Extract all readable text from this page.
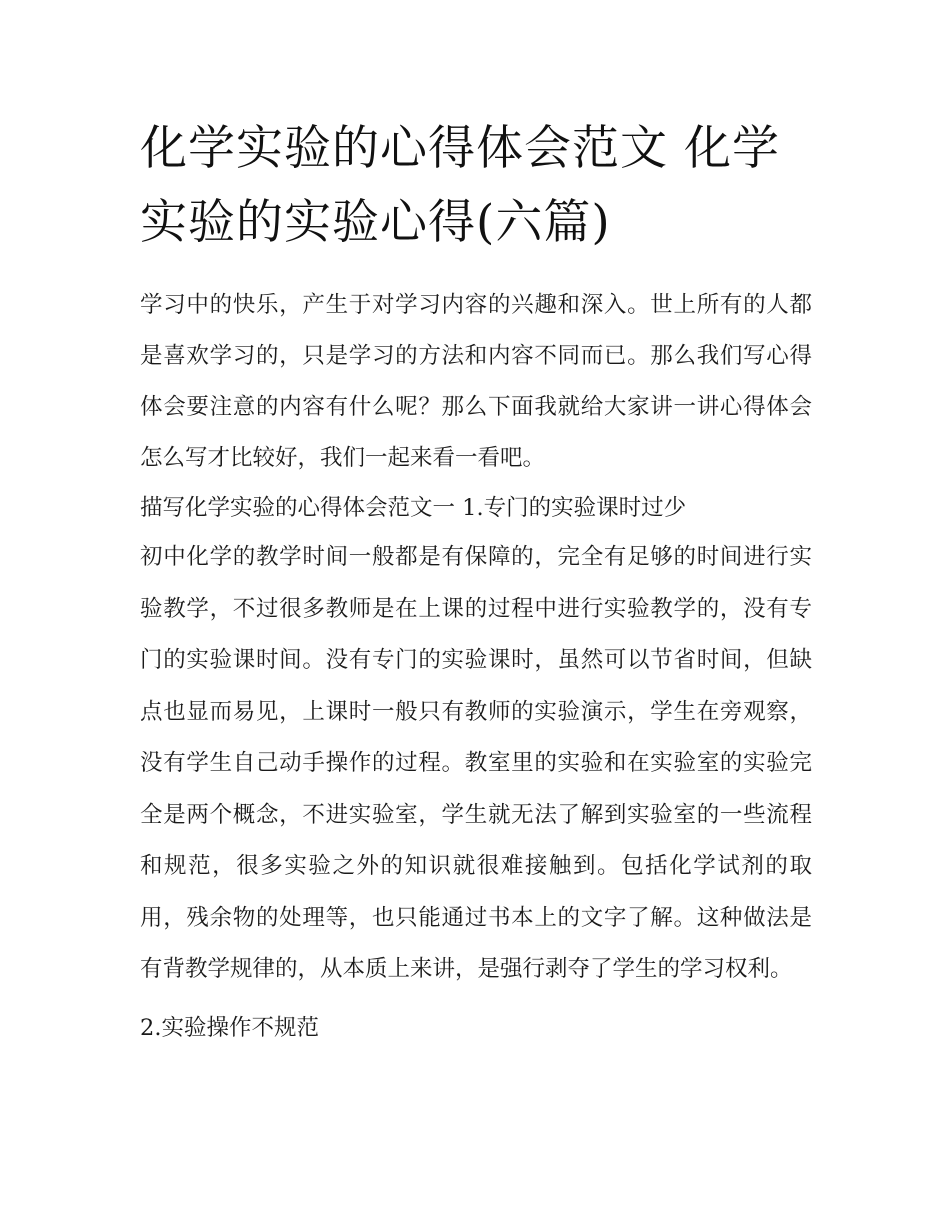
化学实验的心得体会范文 化学实验的实验心得(六篇)

学习中的快乐，产生于对学习内容的兴趣和深入。世上所有的人都是喜欢学习的，只是学习的方法和内容不同而已。那么我们写心得体会要注意的内容有什么呢？那么下面我就给大家讲一讲心得体会怎么写才比较好，我们一起来看一看吧。

描写化学实验的心得体会范文一 1.专门的实验课时过少

初中化学的教学时间一般都是有保障的，完全有足够的时间进行实验教学，不过很多教师是在上课的过程中进行实验教学的，没有专门的实验课时间。没有专门的实验课时，虽然可以节省时间，但缺点也显而易见，上课时一般只有教师的实验演示，学生在旁观察，没有学生自己动手操作的过程。教室里的实验和在实验室的实验完全是两个概念，不进实验室，学生就无法了解到实验室的一些流程和规范，很多实验之外的知识就很难接触到。包括化学试剂的取用，残余物的处理等，也只能通过书本上的文字了解。这种做法是有背教学规律的，从本质上来讲，是强行剥夺了学生的学习权利。

2.实验操作不规范
